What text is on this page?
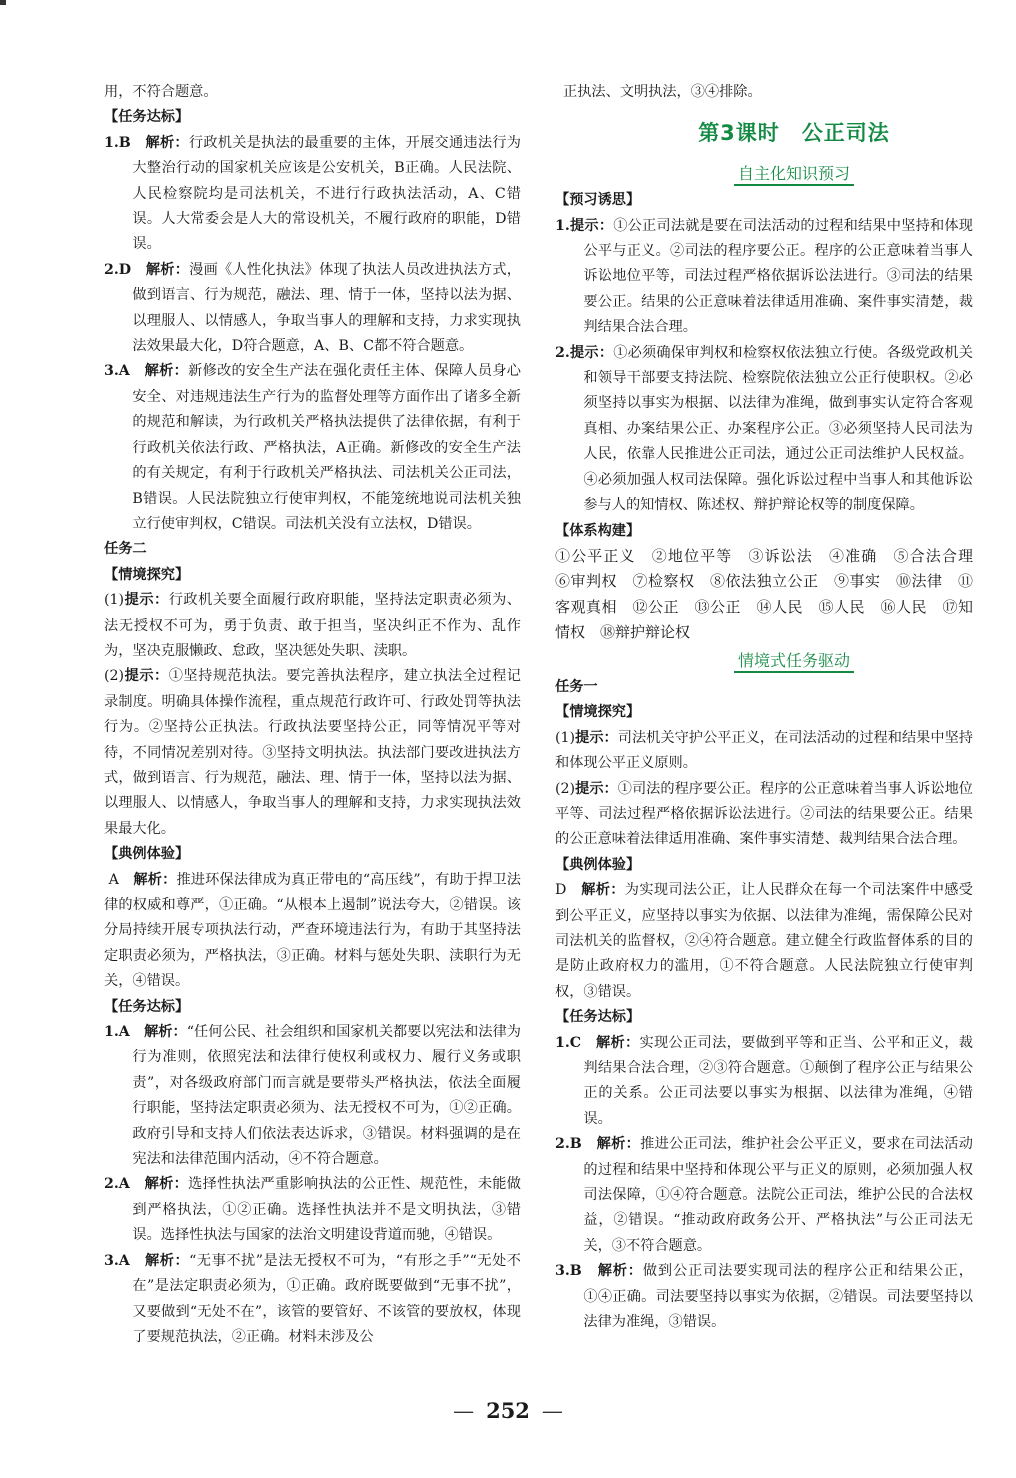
用，不符合题意。

【任务达标】

1.B　 解析：行政机关是执法的最重要的主体，开展交通违法行为大整治行动的国家机关应该是公安机关，B正确。人民法院、人民检察院均是司法机关，不进行行政执法活动，A、C错误。人大常委会是人大的常设机关，不履行政府的职能，D错误。

2.D　 解析：漫画《人性化执法》体现了执法人员改进执法方式，做到语言、行为规范，融法、理、情于一体，坚持以法为据、以理服人、以情感人，争取当事人的理解和支持，力求实现执法效果最大化，D符合题意，A、B、C都不符合题意。

3.A　 解析：新修改的安全生产法在强化责任主体、保障人员身心安全、对违规违法生产行为的监督处理等方面作出了诸多全新的规范和解读，为行政机关严格执法提供了法律依据，有利于行政机关依法行政、严格执法，A正确。新修改的安全生产法的有关规定，有利于行政机关严格执法、司法机关公正司法，B错误。人民法院独立行使审判权，不能笼统地说司法机关独立行使审判权，C错误。司法机关没有立法权，D错误。

任务二

【情境探究】

(1)提示：行政机关要全面履行政府职能，坚持法定职责必须为、法无授权不可为，勇于负责、敢于担当，坚决纠正不作为、乱作为，坚决克服懒政、怠政，坚决惩处失职、渎职。

(2)提示：①坚持规范执法。要完善执法程序，建立执法全过程记录制度。明确具体操作流程，重点规范行政许可、行政处罚等执法行为。②坚持公正执法。行政执法要坚持公正，同等情况平等对待，不同情况差别对待。③坚持文明执法。执法部门要改进执法方式，做到语言、行为规范，融法、理、情于一体，坚持以法为据、以理服人、以情感人，争取当事人的理解和支持，力求实现执法效果最大化。

【典例体验】

A　 解析：推进环保法律成为真正带电的“高压线”，有助于捍卫法律的权威和尊严，①正确。“从根本上遏制”说法夸大，②错误。该分局持续开展专项执法行动，严查环境违法行为，有助于其坚持法定职责必须为，严格执法，③正确。材料与惩处失职、渎职行为无关，④错误。

【任务达标】

1.A　 解析：“任何公民、社会组织和国家机关都要以宪法和法律为行为准则，依照宪法和法律行使权利或权力、履行义务或职责”，对各级政府部门而言就是要带头严格执法，依法全面履行职能，坚持法定职责必须为、法无授权不可为，①②正确。政府引导和支持人们依法表达诉求，③错误。材料强调的是在宪法和法律范围内活动，④不符合题意。

2.A　 解析：选择性执法严重影响执法的公正性、规范性，未能做到严格执法，①②正确。选择性执法并不是文明执法，③错误。选择性执法与国家的法治文明建设背道而驰，④错误。

3.A　 解析：“无事不扰”是法无授权不可为，“有形之手”“无处不在”是法定职责必须为，①正确。政府既要做到“无事不扰”，又要做到“无处不在”，该管的要管好、不该管的要放权，体现了要规范执法，②正确。材料未涉及公

正执法、文明执法，③④排除。

第3课时　公正司法

自主化知识预习

【预习诱思】

1.提示：①公正司法就是要在司法活动的过程和结果中坚持和体现公平与正义。②司法的程序要公正。程序的公正意味着当事人诉讼地位平等，司法过程严格依据诉讼法进行。③司法的结果要公正。结果的公正意味着法律适用准确、案件事实清楚，裁判结果合法合理。

2.提示：①必须确保审判权和检察权依法独立行使。各级党政机关和领导干部要支持法院、检察院依法独立公正行使职权。②必须坚持以事实为根据、以法律为准绳，做到事实认定符合客观真相、办案结果公正、办案程序公正。③必须坚持人民司法为人民，依靠人民推进公正司法，通过公正司法维护人民权益。④必须加强人权司法保障。强化诉讼过程中当事人和其他诉讼参与人的知情权、陈述权、辩护辩论权等的制度保障。

【体系构建】

①公平正义　②地位平等　③诉讼法　④准确　⑤合法合理　⑥审判权　⑦检察权　⑧依法独立公正　⑨事实　⑩法律　⑪客观真相　⑫公正　⑬公正　⑭人民　⑮人民　⑯人民　⑰知情权　⑱辩护辩论权

情境式任务驱动

任务一

【情境探究】

(1)提示：司法机关守护公平正义，在司法活动的过程和结果中坚持和体现公平正义原则。

(2)提示：①司法的程序要公正。程序的公正意味着当事人诉讼地位平等、司法过程严格依据诉讼法进行。②司法的结果要公正。结果的公正意味着法律适用准确、案件事实清楚、裁判结果合法合理。

【典例体验】

D　 解析：为实现司法公正，让人民群众在每一个司法案件中感受到公平正义，应坚持以事实为依据、以法律为准绳，需保障公民对司法机关的监督权，②④符合题意。建立健全行政监督体系的目的是防止政府权力的滥用，①不符合题意。人民法院独立行使审判权，③错误。

【任务达标】

1.C　 解析：实现公正司法，要做到平等和正当、公平和正义，裁判结果合法合理，②③符合题意。①颠倒了程序公正与结果公正的关系。公正司法要以事实为根据、以法律为准绳，④错误。

2.B　 解析：推进公正司法，维护社会公平正义，要求在司法活动的过程和结果中坚持和体现公平与正义的原则，必须加强人权司法保障，①④符合题意。法院公正司法，维护公民的合法权益，②错误。“推动政府政务公开、严格执法”与公正司法无关，③不符合题意。

3.B　 解析：做到公正司法要实现司法的程序公正和结果公正，①④正确。司法要坚持以事实为依据，②错误。司法要坚持以法律为准绳，③错误。

— 252 —
